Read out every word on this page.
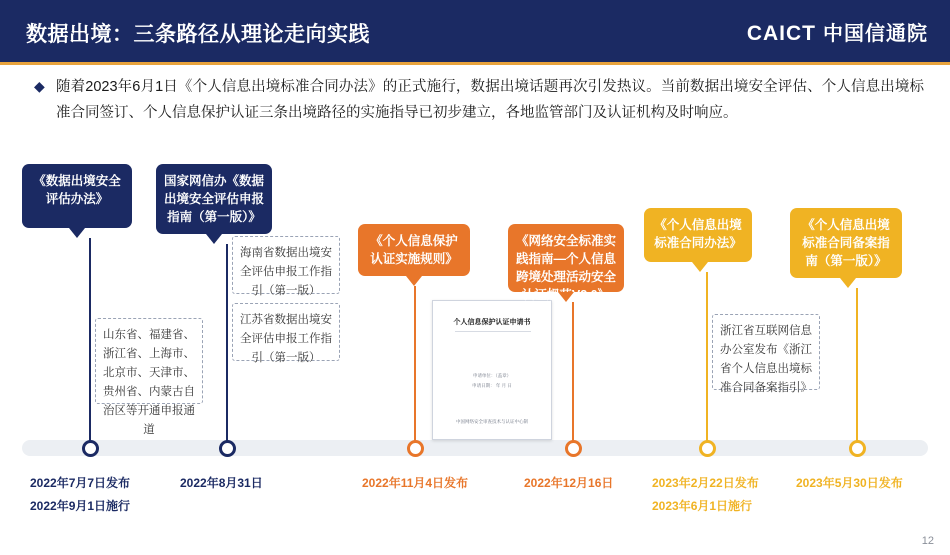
数据出境：三条路径从理论走向实践	CAICT 中国信通院
◆ 随着2023年6月1日《个人信息出境标准合同办法》的正式施行，数据出境话题再次引发热议。当前数据出境安全评估、个人信息出境标准合同签订、个人信息保护认证三条出境路径的实施指导已初步建立，各地监管部门及认证机构及时响应。
《数据出境安全评估办法》
山东省、福建省、浙江省、上海市、北京市、天津市、贵州省、内蒙古自治区等开通申报通道
2022年7月7日发布
2022年9月1日施行
国家网信办《数据出境安全评估申报指南（第一版）》
海南省数据出境安全评估申报工作指引（第一版）
江苏省数据出境安全评估申报工作指引（第一版）
2022年8月31日
《个人信息保护认证实施规则》
2022年11月4日发布
个人信息保护认证申请书
申请单位：（盖章）
申请日期： 年 月 日
中国网络安全审查技术与认证中心制
《网络安全标准实践指南—个人信息跨境处理活动安全认证规范V2.0》
2022年12月16日
《个人信息出境标准合同办法》
浙江省互联网信息办公室发布《浙江省个人信息出境标准合同备案指引》
2023年2月22日发布
2023年6月1日施行
《个人信息出境标准合同备案指南（第一版）》
2023年5月30日发布
12
